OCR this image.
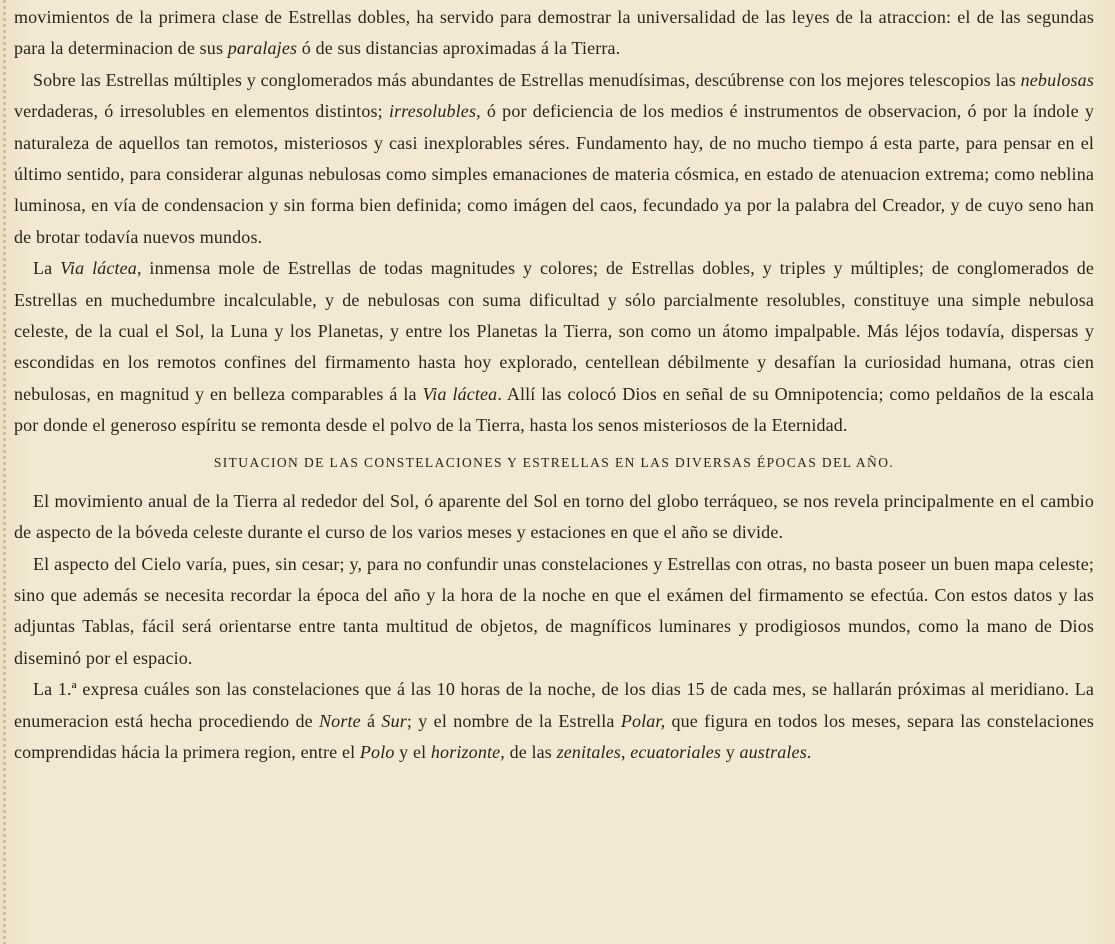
movimientos de la primera clase de Estrellas dobles, ha servido para demostrar la universalidad de las leyes de la atraccion: el de las segundas para la determinacion de sus paralajes ó de sus distancias aproximadas á la Tierra.

Sobre las Estrellas múltiples y conglomerados más abundantes de Estrellas menudísimas, descúbrense con los mejores telescopios las nebulosas verdaderas, ó irresolubles en elementos distintos; irresolubles, ó por deficiencia de los medios é instrumentos de observacion, ó por la índole y naturaleza de aquellos tan remotos, misteriosos y casi inexplorables séres. Fundamento hay, de no mucho tiempo á esta parte, para pensar en el último sentido, para considerar algunas nebulosas como simples emanaciones de materia cósmica, en estado de atenuacion extrema; como neblina luminosa, en vía de condensacion y sin forma bien definida; como imágen del caos, fecundado ya por la palabra del Creador, y de cuyo seno han de brotar todavía nuevos mundos.

La Via láctea, inmensa mole de Estrellas de todas magnitudes y colores; de Estrellas dobles, y triples y múltiples; de conglomerados de Estrellas en muchedumbre incalculable, y de nebulosas con suma dificultad y sólo parcialmente resolubles, constituye una simple nebulosa celeste, de la cual el Sol, la Luna y los Planetas, y entre los Planetas la Tierra, son como un átomo impalpable. Más léjos todavía, dispersas y escondidas en los remotos confines del firmamento hasta hoy explorado, centellean débilmente y desafían la curiosidad humana, otras cien nebulosas, en magnitud y en belleza comparables á la Via láctea. Allí las colocó Dios en señal de su Omnipotencia; como peldaños de la escala por donde el generoso espíritu se remonta desde el polvo de la Tierra, hasta los senos misteriosos de la Eternidad.

SITUACION DE LAS CONSTELACIONES Y ESTRELLAS EN LAS DIVERSAS ÉPOCAS DEL AÑO.

El movimiento anual de la Tierra al rededor del Sol, ó aparente del Sol en torno del globo terráqueo, se nos revela principalmente en el cambio de aspecto de la bóveda celeste durante el curso de los varios meses y estaciones en que el año se divide.

El aspecto del Cielo varía, pues, sin cesar; y, para no confundir unas constelaciones y Estrellas con otras, no basta poseer un buen mapa celeste; sino que además se necesita recordar la época del año y la hora de la noche en que el exámen del firmamento se efectúa. Con estos datos y las adjuntas Tablas, fácil será orientarse entre tanta multitud de objetos, de magníficos luminares y prodigiosos mundos, como la mano de Dios diseminó por el espacio.

La 1.ª expresa cuáles son las constelaciones que á las 10 horas de la noche, de los dias 15 de cada mes, se hallarán próximas al meridiano. La enumeracion está hecha procediendo de Norte á Sur; y el nombre de la Estrella Polar, que figura en todos los meses, separa las constelaciones comprendidas hácia la primera region, entre el Polo y el horizonte, de las zenitales, ecuatoriales y australes.
